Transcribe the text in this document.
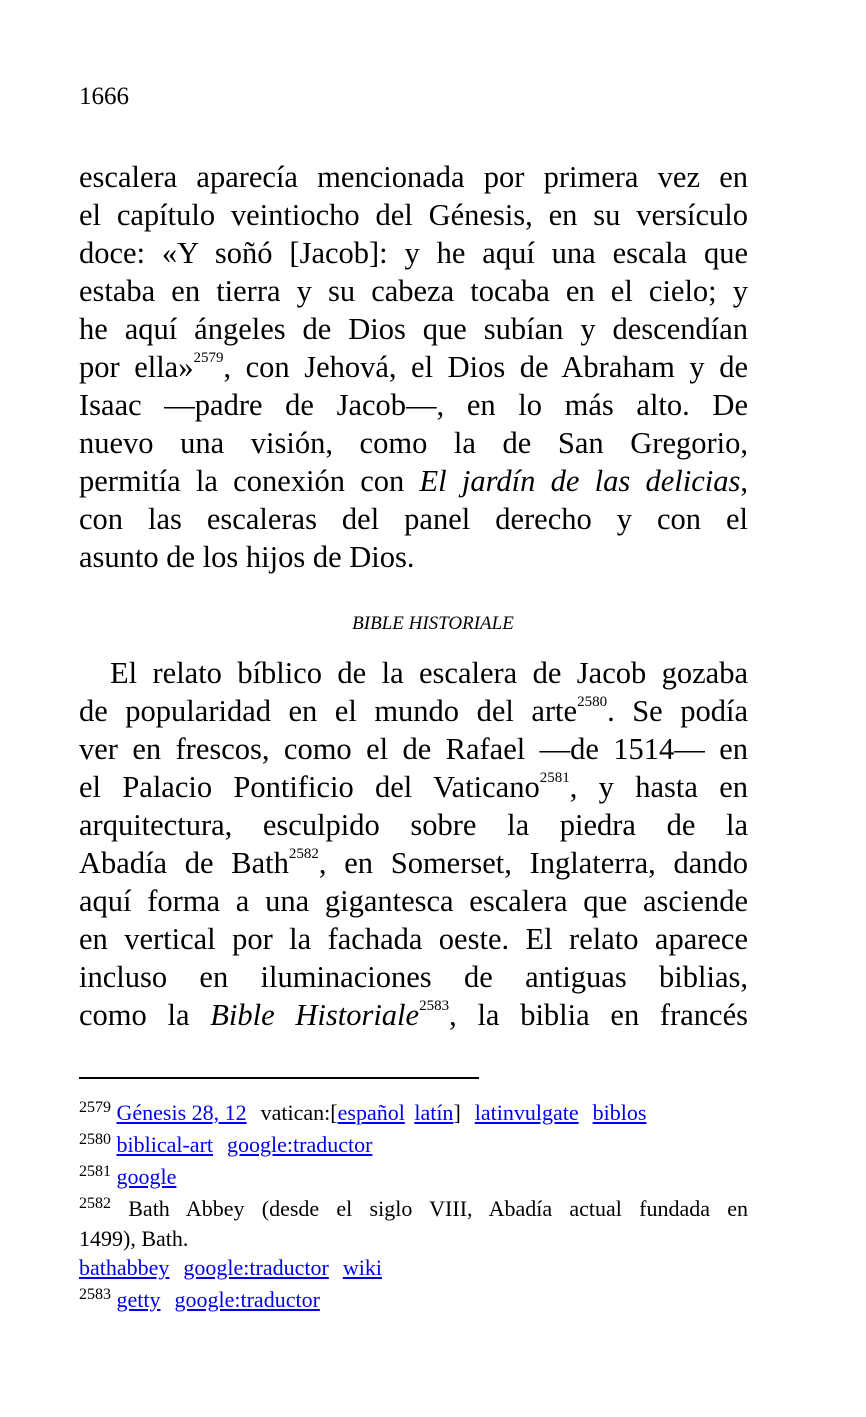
1666
escalera aparecía mencionada por primera vez en
el capítulo veintiocho del Génesis, en su versículo
doce: «Y soñó [Jacob]: y he aquí una escala que
estaba en tierra y su cabeza tocaba en el cielo; y
he aquí ángeles de Dios que subían y descendían
por ella»$^{2579}$, con Jehová, el Dios de Abraham y de
Isaac ―padre de Jacob―, en lo más alto. De
nuevo una visión, como la de San Gregorio,
permitía la conexión con El jardín de las delicias,
con las escaleras del panel derecho y con el
asunto de los hijos de Dios.
BIBLE HISTORIALE
El relato bíblico de la escalera de Jacob gozaba
de popularidad en el mundo del arte$^{2580}$. Se podía
ver en frescos, como el de Rafael ―de 1514― en
el Palacio Pontificio del Vaticano$^{2581}$, y hasta en
arquitectura, esculpido sobre la piedra de la
Abadía de Bath$^{2582}$, en Somerset, Inglaterra, dando
aquí forma a una gigantesca escalera que asciende
en vertical por la fachada oeste. El relato aparece
incluso en iluminaciones de antiguas biblias,
como la Bible Historiale$^{2583}$, la biblia en francés
$^{2579}$ Génesis 28, 12 vatican:[español latín] latinvulgate biblos
$^{2580}$ biblical-art google:traductor
$^{2581}$ google
$^{2582}$ Bath Abbey (desde el siglo VIII, Abadía actual fundada en
1499), Bath.
bathabbey google:traductor wiki
$^{2583}$ getty google:traductor
